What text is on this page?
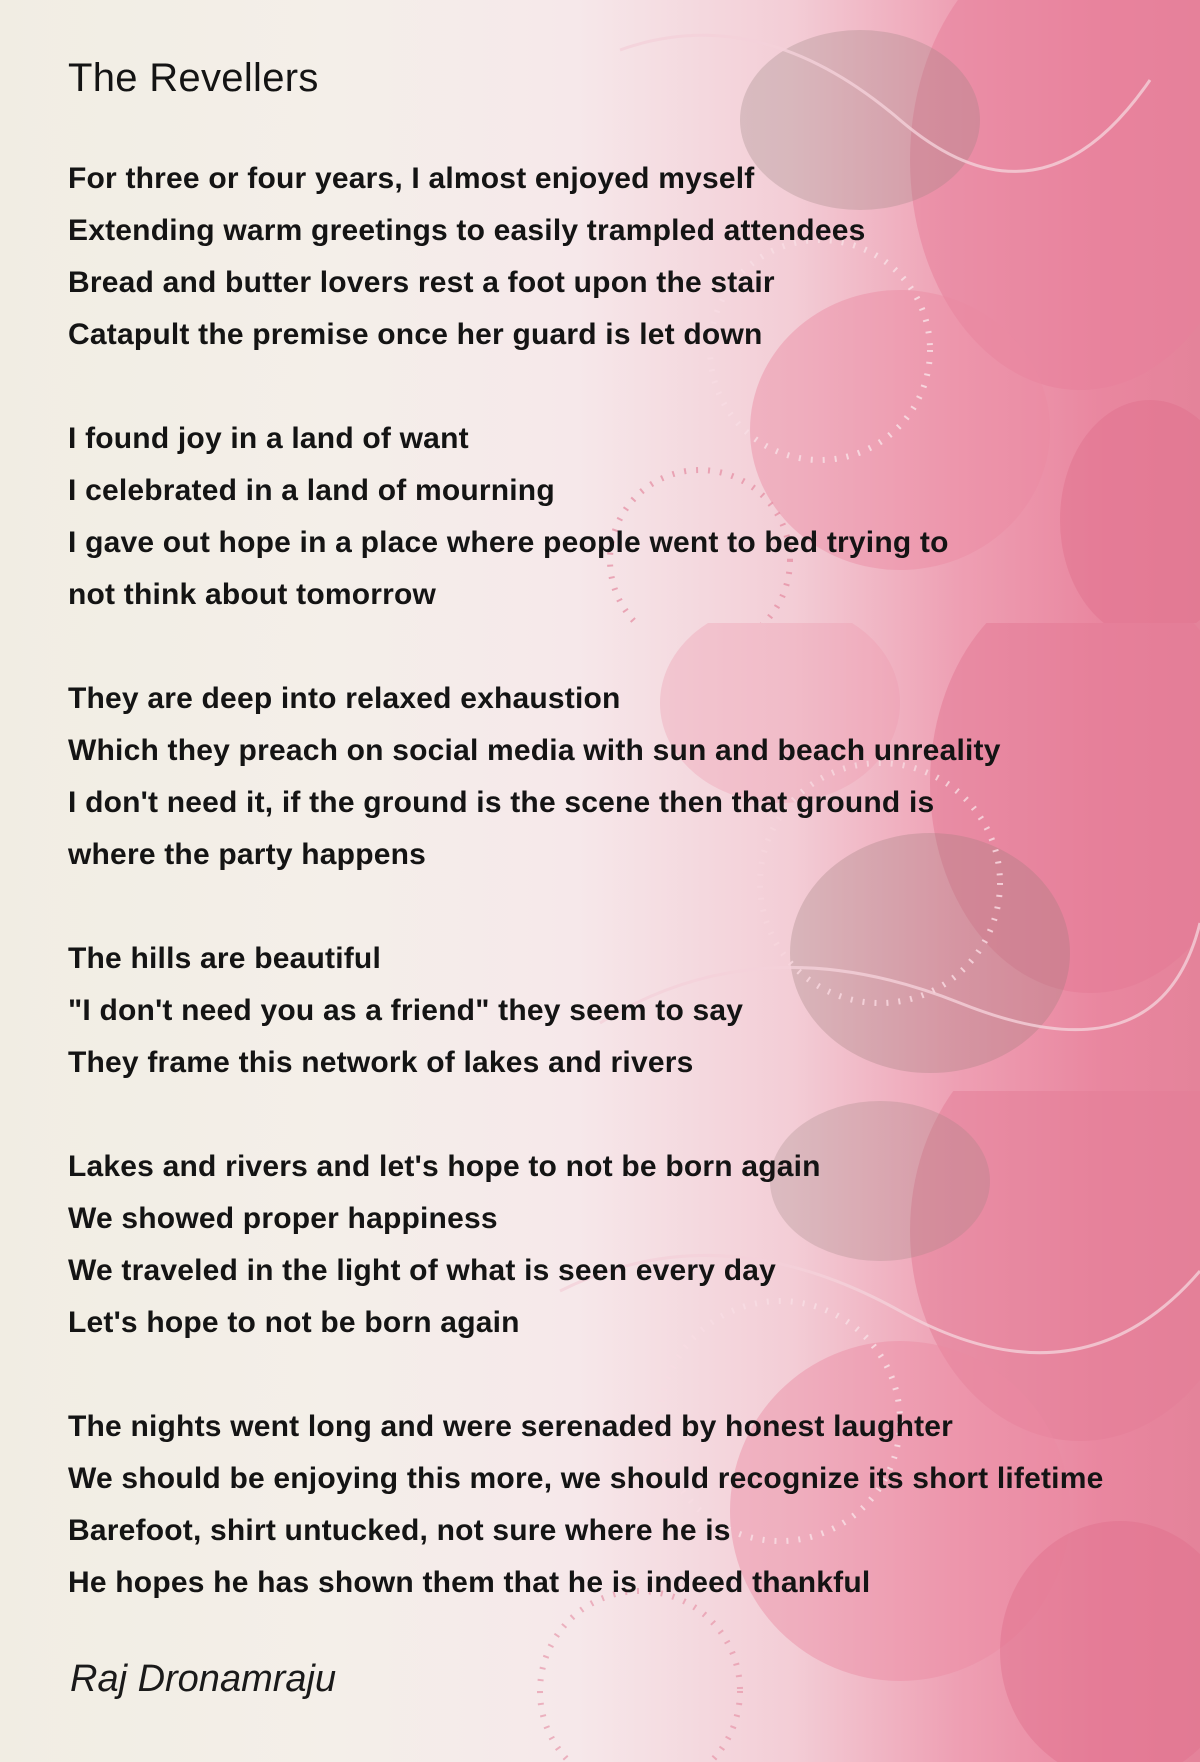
The Revellers
For three or four years, I almost enjoyed myself
Extending warm greetings to easily trampled attendees
Bread and butter lovers rest a foot upon the stair
Catapult the premise once her guard is let down
I found joy in a land of want
I celebrated in a land of mourning
I gave out hope in a place where people went to bed trying to
not think about tomorrow
They are deep into relaxed exhaustion
Which they preach on social media with sun and beach unreality
I don't need it, if the ground is the scene then that ground is
where the party happens
The hills are beautiful
"I don't need you as a friend" they seem to say
They frame this network of lakes and rivers
Lakes and rivers and let's hope to not be born again
We showed proper happiness
We traveled in the light of what is seen every day
Let's hope to not be born again
The nights went long and were serenaded by honest laughter
We should be enjoying this more, we should recognize its short lifetime
Barefoot, shirt untucked, not sure where he is
He hopes he has shown them that he is indeed thankful
Raj Dronamraju
